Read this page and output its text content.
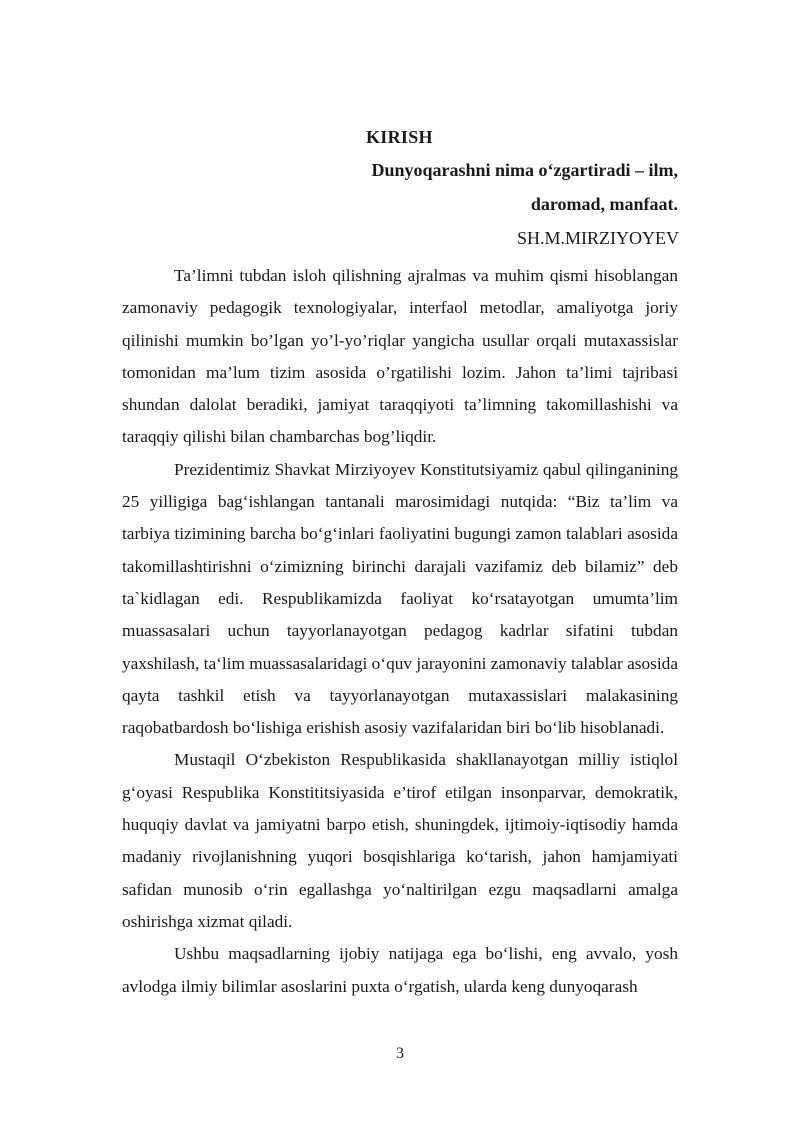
KIRISH
Dunyoqarashni nima o‘zgartiradi – ilm,
daromad, manfaat.
SH.M.MIRZIYOYEV

Ta’limni tubdan isloh qilishning ajralmas va muhim qismi hisoblangan zamonaviy pedagogik texnologiyalar, interfaol metodlar, amaliyotga joriy qilinishi mumkin bo’lgan yo’l-yo’riqlar yangicha usullar orqali mutaxassislar tomonidan ma’lum tizim asosida o’rgatilishi lozim. Jahon ta’limi tajribasi shundan dalolat beradiki, jamiyat taraqqiyoti ta’limning takomillashishi va taraqqiy qilishi bilan chambarchas bog’liqdir.

Prezidentimiz Shavkat Mirziyoyev Konstitutsiyamiz qabul qilinganining 25 yilligiga bag‘ishlangan tantanali marosimidagi nutqida: “Biz ta’lim va tarbiya tizimining barcha bo‘g‘inlari faoliyatini bugungi zamon talablari asosida takomillashtirishni o‘zimizning birinchi darajali vazifamiz deb bilamiz” deb ta`kidlagan edi. Respublikamizda faoliyat ko‘rsatayotgan umumta’lim muassasalari uchun tayyorlanayotgan pedagog kadrlar sifatini tubdan yaxshilash, ta‘lim muassasalaridagi o‘quv jarayonini zamonaviy talablar asosida qayta tashkil etish va tayyorlanayotgan mutaxassislari malakasining raqobatbardosh bo‘lishiga erishish asosiy vazifalaridan biri bo‘lib hisoblanadi.

Mustaqil O‘zbekiston Respublikasida shakllanayotgan milliy istiqlol g‘oyasi Respublika Konstititsiyasida e’tirof etilgan insonparvar, demokratik, huquqiy davlat va jamiyatni barpo etish, shuningdek, ijtimoiy-iqtisodiy hamda madaniy rivojlanishning yuqori bosqishlariga ko‘tarish, jahon hamjamiyati safidan munosib o‘rin egallashga yo‘naltirilgan ezgu maqsadlarni amalga oshirishga xizmat qiladi.

Ushbu maqsadlarning ijobiy natijaga ega bo‘lishi, eng avvalo, yosh avlodga ilmiy bilimlar asoslarini puxta o‘rgatish, ularda keng dunyoqarash

3
